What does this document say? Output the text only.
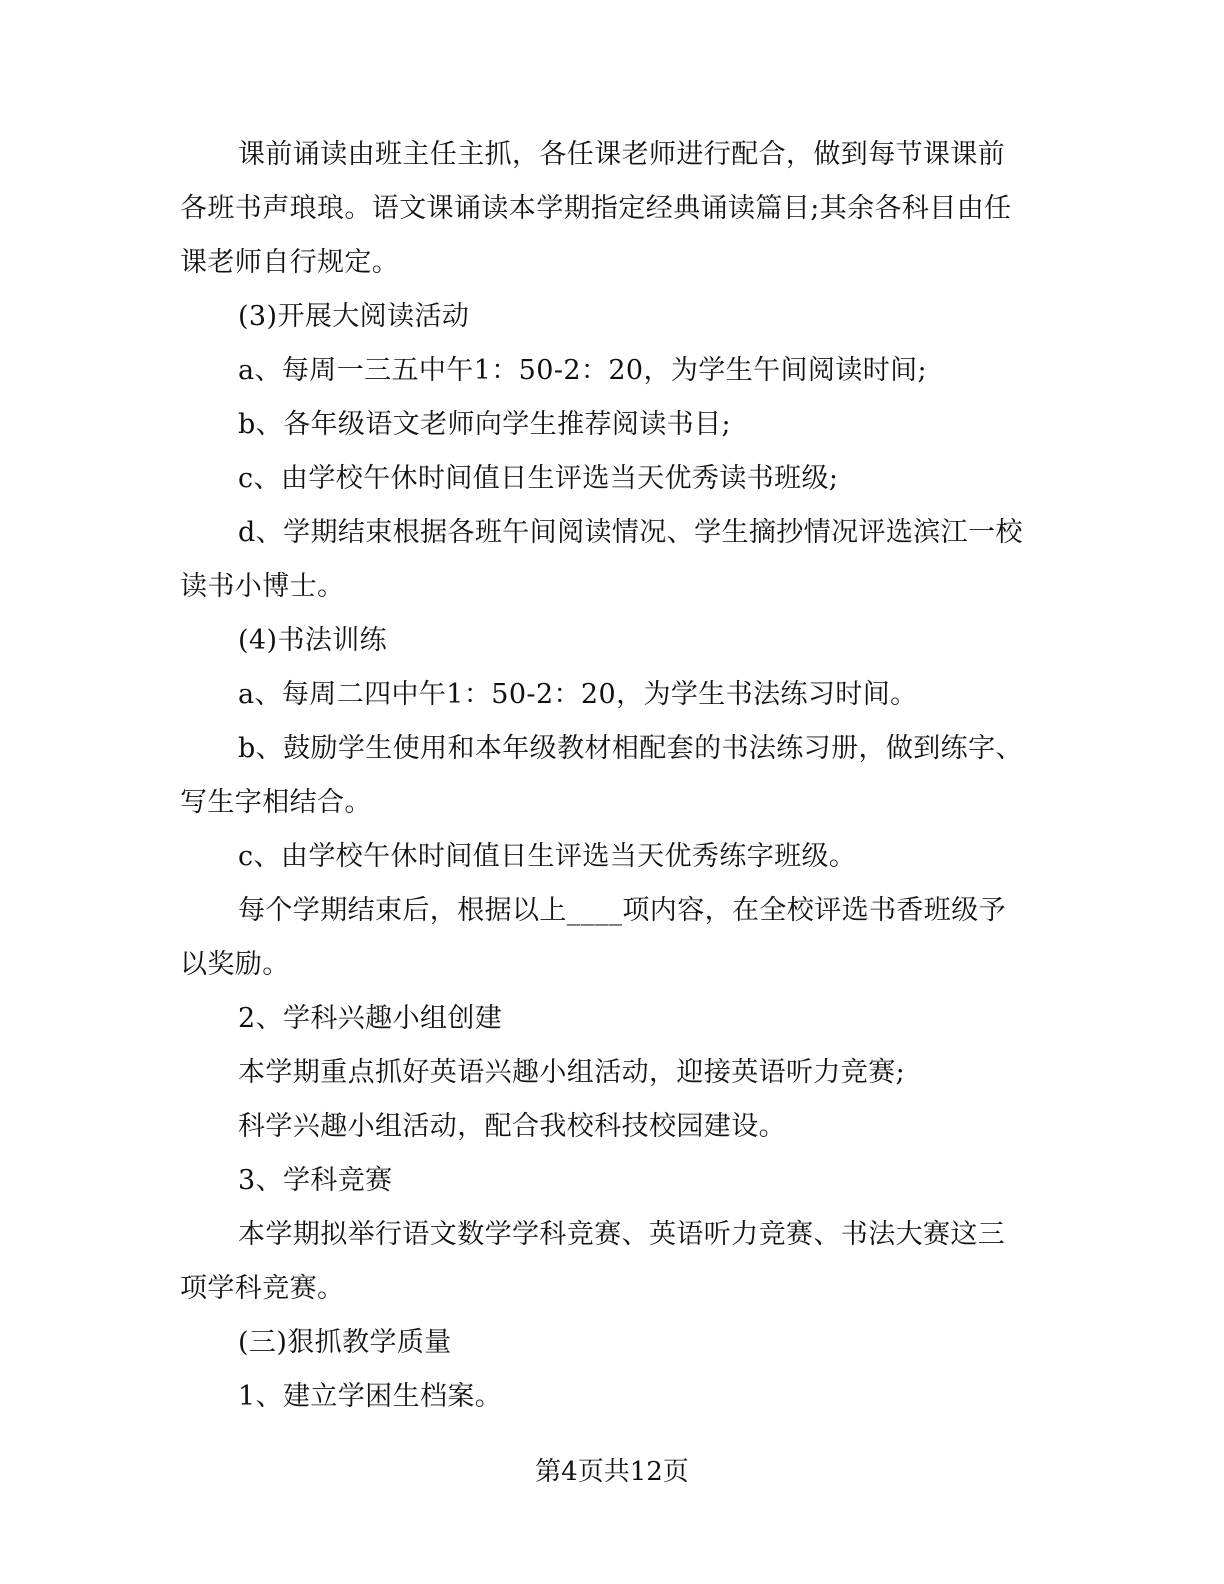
课前诵读由班主任主抓，各任课老师进行配合，做到每节课课前各班书声琅琅。语文课诵读本学期指定经典诵读篇目;其余各科目由任课老师自行规定。

(3)开展大阅读活动

a、每周一三五中午1：50-2：20，为学生午间阅读时间;

b、各年级语文老师向学生推荐阅读书目;

c、由学校午休时间值日生评选当天优秀读书班级;

d、学期结束根据各班午间阅读情况、学生摘抄情况评选滨江一校读书小博士。

(4)书法训练

a、每周二四中午1：50-2：20，为学生书法练习时间。

b、鼓励学生使用和本年级教材相配套的书法练习册，做到练字、写生字相结合。

c、由学校午休时间值日生评选当天优秀练字班级。

每个学期结束后，根据以上____项内容，在全校评选书香班级予以奖励。

2、学科兴趣小组创建

本学期重点抓好英语兴趣小组活动，迎接英语听力竞赛;

科学兴趣小组活动，配合我校科技校园建设。

3、学科竞赛

本学期拟举行语文数学学科竞赛、英语听力竞赛、书法大赛这三项学科竞赛。

(三)狠抓教学质量

1、建立学困生档案。

第4页共12页
